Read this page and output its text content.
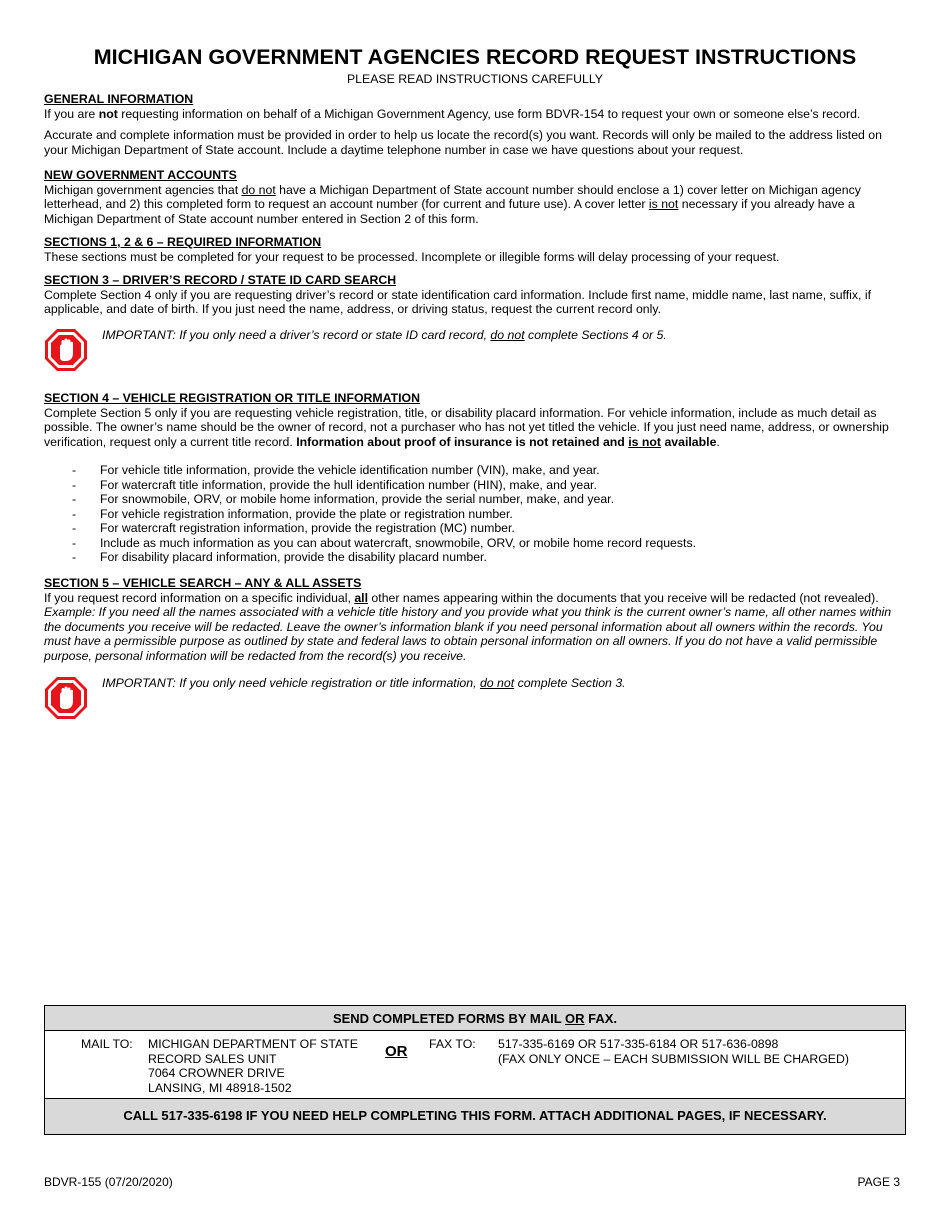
MICHIGAN GOVERNMENT AGENCIES RECORD REQUEST INSTRUCTIONS
PLEASE READ INSTRUCTIONS CAREFULLY
GENERAL INFORMATION

If you are not requesting information on behalf of a Michigan Government Agency, use form BDVR-154 to request your own or someone else’s record.

Accurate and complete information must be provided in order to help us locate the record(s) you want. Records will only be mailed to the address listed on your Michigan Department of State account. Include a daytime telephone number in case we have questions about your request.

NEW GOVERNMENT ACCOUNTS

Michigan government agencies that do not have a Michigan Department of State account number should enclose a 1) cover letter on Michigan agency letterhead, and 2) this completed form to request an account number (for current and future use). A cover letter is not necessary if you already have a Michigan Department of State account number entered in Section 2 of this form.

SECTIONS 1, 2 & 6 – REQUIRED INFORMATION

These sections must be completed for your request to be processed. Incomplete or illegible forms will delay processing of your request.

SECTION 3 – DRIVER’S RECORD / STATE ID CARD SEARCH

Complete Section 4 only if you are requesting driver’s record or state identification card information. Include first name, middle name, last name, suffix, if applicable, and date of birth. If you just need the name, address, or driving status, request the current record only.

IMPORTANT: If you only need a driver’s record or state ID card record, do not complete Sections 4 or 5.
SECTION 4 – VEHICLE REGISTRATION OR TITLE INFORMATION

Complete Section 5 only if you are requesting vehicle registration, title, or disability placard information. For vehicle information, include as much detail as possible. The owner’s name should be the owner of record, not a purchaser who has not yet titled the vehicle. If you just need name, address, or ownership verification, request only a current title record. Information about proof of insurance is not retained and is not available.

- For vehicle title information, provide the vehicle identification number (VIN), make, and year.
- For watercraft title information, provide the hull identification number (HIN), make, and year.
- For snowmobile, ORV, or mobile home information, provide the serial number, make, and year.
- For vehicle registration information, provide the plate or registration number.
- For watercraft registration information, provide the registration (MC) number.
- Include as much information as you can about watercraft, snowmobile, ORV, or mobile home record requests.
- For disability placard information, provide the disability placard number.
SECTION 5 – VEHICLE SEARCH – ANY & ALL ASSETS

If you request record information on a specific individual, all other names appearing within the documents that you receive will be redacted (not revealed). Example: If you need all the names associated with a vehicle title history and you provide what you think is the current owner’s name, all other names within the documents you receive will be redacted. Leave the owner’s information blank if you need personal information about all owners within the records. You must have a permissible purpose as outlined by state and federal laws to obtain personal information on all owners. If you do not have a valid permissible purpose, personal information will be redacted from the record(s) you receive.

IMPORTANT: If you only need vehicle registration or title information, do not complete Section 3.
SEND COMPLETED FORMS BY MAIL OR FAX.
MAIL TO: MICHIGAN DEPARTMENT OF STATE
RECORD SALES UNIT
7064 CROWNER DRIVE
LANSING, MI 48918-1502
OR FAX TO: 517-335-6169 OR 517-335-6184 OR 517-636-0898
(FAX ONLY ONCE – EACH SUBMISSION WILL BE CHARGED)
CALL 517-335-6198 IF YOU NEED HELP COMPLETING THIS FORM. ATTACH ADDITIONAL PAGES, IF NECESSARY.
BDVR-155 (07/20/2020)	PAGE 3
